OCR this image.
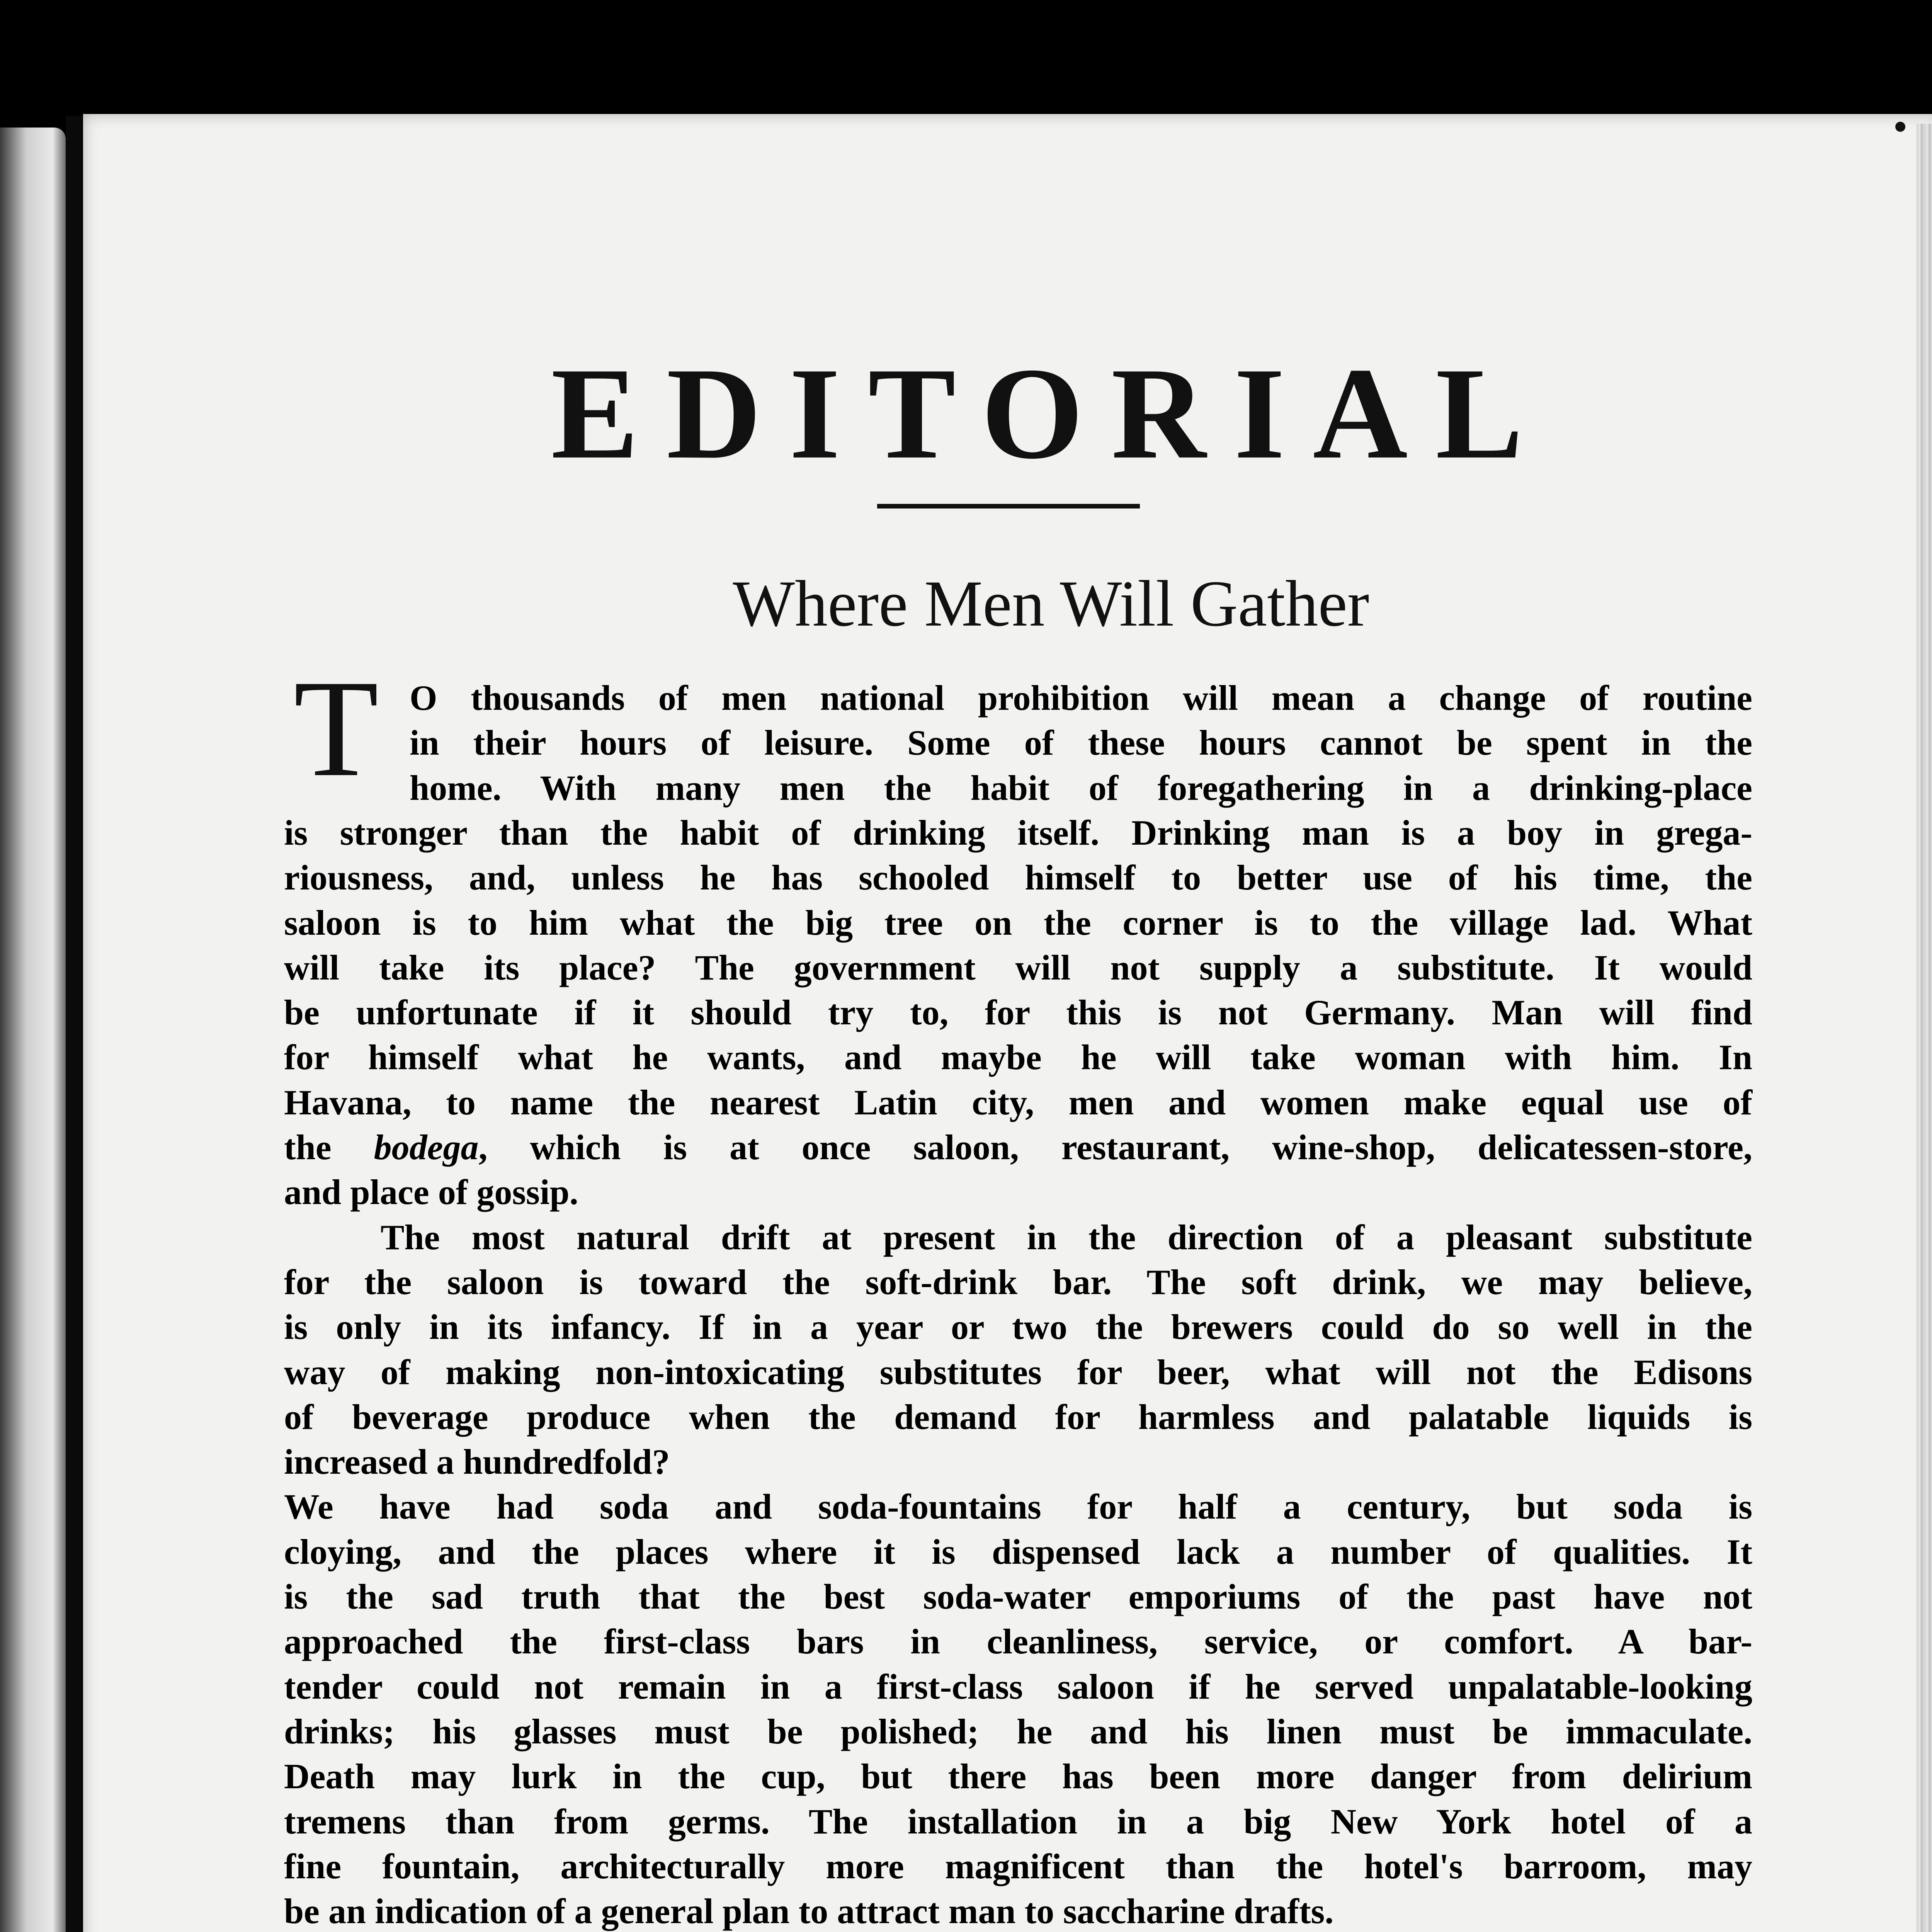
EDITORIAL
Where Men Will Gather
T O thousands of men national prohibition will mean a change of routine
in their hours of leisure. Some of these hours cannot be spent in the
home. With many men the habit of foregathering in a drinking-place
is stronger than the habit of drinking itself. Drinking man is a boy in grega-
riousness, and, unless he has schooled himself to better use of his time, the
saloon is to him what the big tree on the corner is to the village lad. What
will take its place? The government will not supply a substitute. It would
be unfortunate if it should try to, for this is not Germany. Man will find
for himself what he wants, and maybe he will take woman with him. In
Havana, to name the nearest Latin city, men and women make equal use of
the bodega, which is at once saloon, restaurant, wine-shop, delicatessen-store,
and place of gossip.
The most natural drift at present in the direction of a pleasant substitute
for the saloon is toward the soft-drink bar. The soft drink, we may believe,
is only in its infancy. If in a year or two the brewers could do so well in the
way of making non-intoxicating substitutes for beer, what will not the Edisons
of beverage produce when the demand for harmless and palatable liquids is
increased a hundredfold?
We have had soda and soda-fountains for half a century, but soda is
cloying, and the places where it is dispensed lack a number of qualities. It
is the sad truth that the best soda-water emporiums of the past have not
approached the first-class bars in cleanliness, service, or comfort. A bar-
tender could not remain in a first-class saloon if he served unpalatable-looking
drinks; his glasses must be polished; he and his linen must be immaculate.
Death may lurk in the cup, but there has been more danger from delirium
tremens than from germs. The installation in a big New York hotel of a
fine fountain, architecturally more magnificent than the hotel's barroom, may
be an indication of a general plan to attract man to saccharine drafts.
